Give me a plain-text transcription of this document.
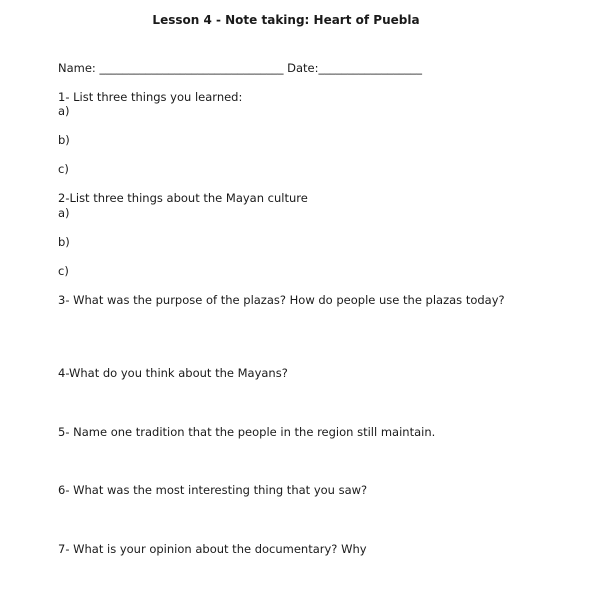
Lesson 4 - Note taking: Heart of Puebla
Name: ________________________________ Date:__________________
1- List three things you learned:
a)
b)
c)
2-List three things about the Mayan culture
a)
b)
c)
3- What was the purpose of the plazas? How do people use the plazas today?
4-What do you think about the Mayans?
5- Name one tradition that the people in the region still maintain.
6- What was the most interesting thing that you saw?
7- What is your opinion about the documentary? Why
